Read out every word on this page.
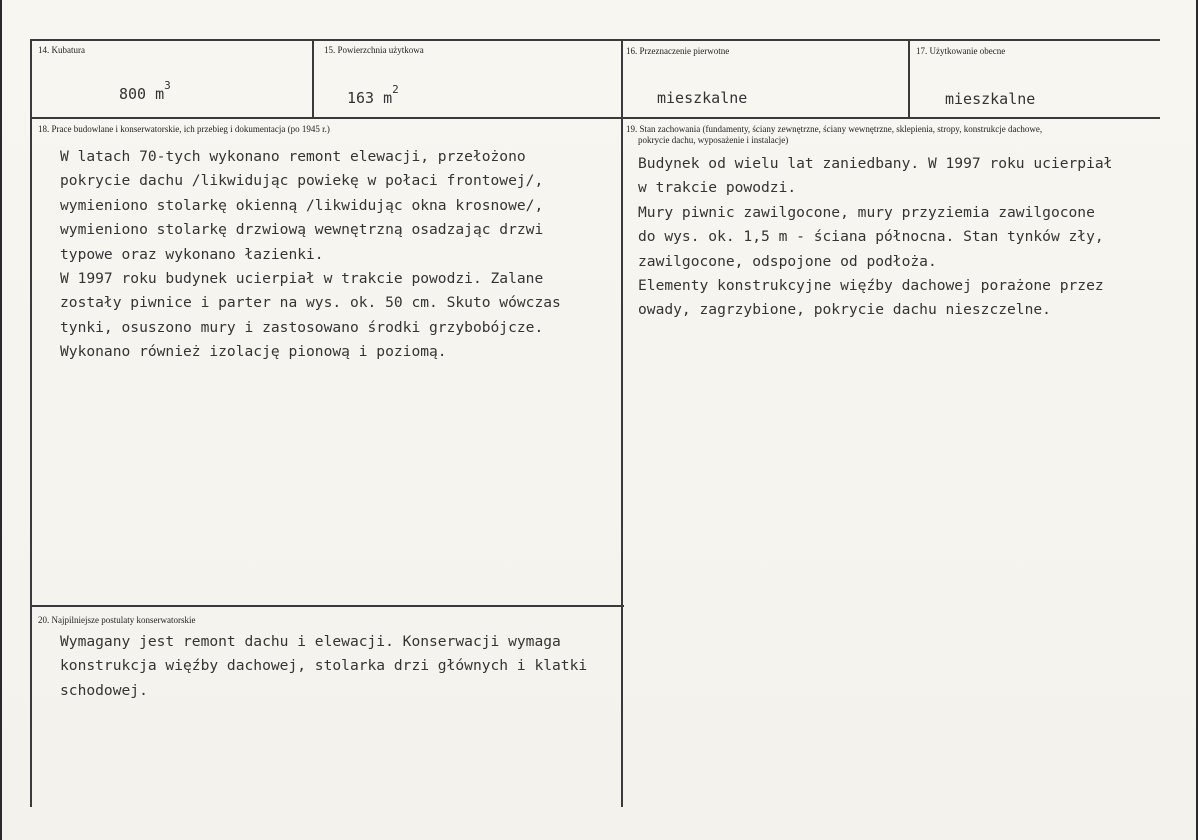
14. Kubatura
800 $m^3$
15. Powierzchnia użytkowa
163 $m^2$
16. Przeznaczenie pierwotne
mieszkalne
17. Użytkowanie obecne
mieszkalne
18. Prace budowlane i konserwatorskie, ich przebieg i dokumentacja (po 1945 r.)
W latach 70-tych wykonano remont elewacji, przełożono
pokrycie dachu /likwidując powiekę w połaci frontowej/,
wymieniono stolarkę okienną /likwidując okna krosnowe/,
wymieniono stolarkę drzwiową wewnętrzną osadzając drzwi
typowe oraz wykonano łazienki.
W 1997 roku budynek ucierpiał w trakcie powodzi. Zalane
zostały piwnice i parter na wys. ok. 50 cm. Skuto wówczas
tynki, osuszono mury i zastosowano środki grzybobójcze.
Wykonano również izolację pionową i poziomą.
19. Stan zachowania (fundamenty, ściany zewnętrzne, ściany wewnętrzne, sklepienia, stropy, konstrukcje dachowe,
pokrycie dachu, wyposażenie i instalacje)
Budynek od wielu lat zaniedbany. W 1997 roku ucierpiał
w trakcie powodzi.
Mury piwnic zawilgocone, mury przyziemia zawilgocone
do wys. ok. 1,5 m - ściana północna. Stan tynków zły,
zawilgocone, odspojone od podłoża.
Elementy konstrukcyjne więźby dachowej porażone przez
owady, zagrzybione, pokrycie dachu nieszczelne.
20. Najpilniejsze postulaty konserwatorskie
Wymagany jest remont dachu i elewacji. Konserwacji wymaga
konstrukcja więźby dachowej, stolarka drzi głównych i klatki
schodowej.
